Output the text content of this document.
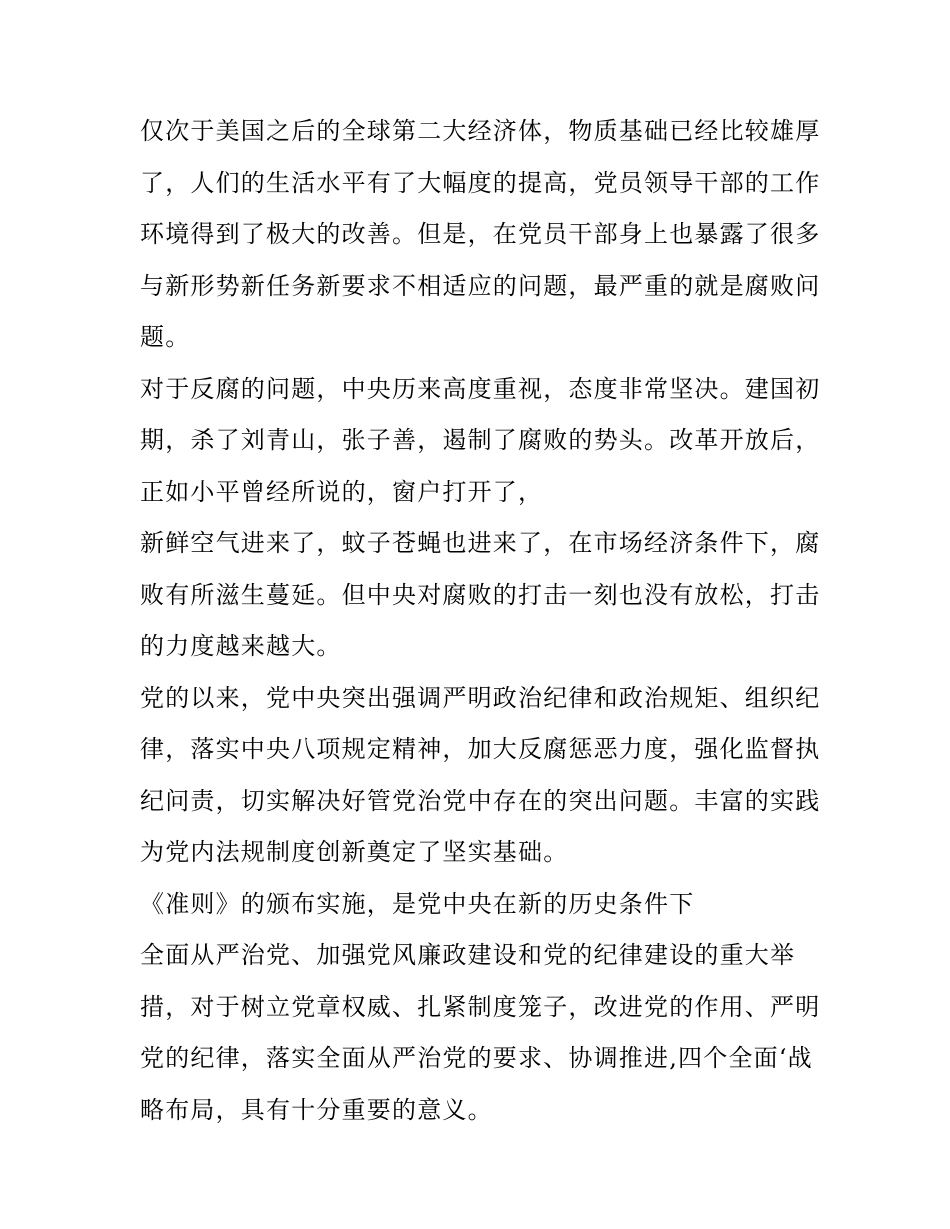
仅次于美国之后的全球第二大经济体，物质基础已经比较雄厚
了，人们的生活水平有了大幅度的提高，党员领导干部的工作
环境得到了极大的改善。但是，在党员干部身上也暴露了很多
与新形势新任务新要求不相适应的问题，最严重的就是腐败问
题。
对于反腐的问题，中央历来高度重视，态度非常坚决。建国初
期，杀了刘青山，张子善，遏制了腐败的势头。改革开放后，
正如小平曾经所说的，窗户打开了，
新鲜空气进来了，蚊子苍蝇也进来了，在市场经济条件下，腐
败有所滋生蔓延。但中央对腐败的打击一刻也没有放松，打击
的力度越来越大。
党的以来，党中央突出强调严明政治纪律和政治规矩、组织纪
律，落实中央八项规定精神，加大反腐惩恶力度，强化监督执
纪问责，切实解决好管党治党中存在的突出问题。丰富的实践
为党内法规制度创新奠定了坚实基础。
《准则》的颁布实施，是党中央在新的历史条件下
全面从严治党、加强党风廉政建设和党的纪律建设的重大举
措，对于树立党章权威、扎紧制度笼子，改进党的作用、严明
党的纪律，落实全面从严治党的要求、协调推进,四个全面‘战
略布局，具有十分重要的意义。
